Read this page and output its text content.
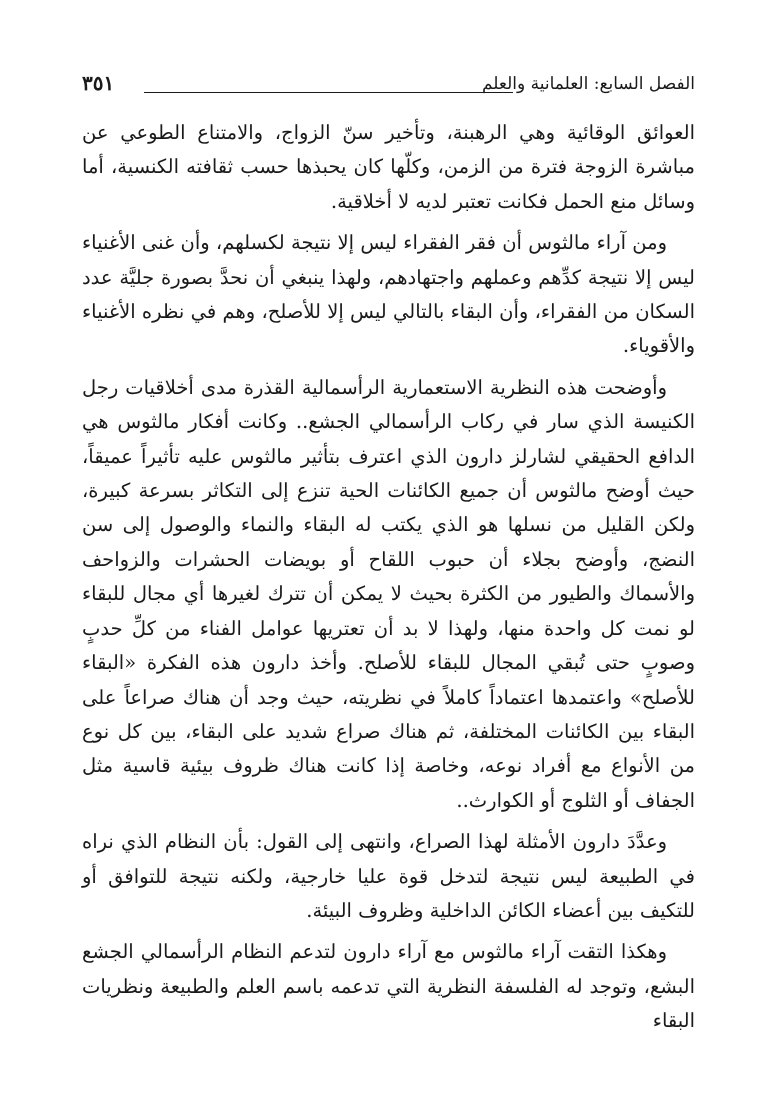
الفصل السابع: العلمانية والعلم
٣٥١

العوائق الوقائية وهي الرهبنة، وتأخير سنّ الزواج، والامتناع الطوعي عن مباشرة الزوجة فترة من الزمن، وكلّها كان يحبذها حسب ثقافته الكنسية، أما وسائل منع الحمل فكانت تعتبر لديه لا أخلاقية.

ومن آراء مالثوس أن فقر الفقراء ليس إلا نتيجة لكسلهم، وأن غنى الأغنياء ليس إلا نتيجة كدِّهم وعملهم واجتهادهم، ولهذا ينبغي أن نحدَّ بصورة جليَّة عدد السكان من الفقراء، وأن البقاء بالتالي ليس إلا للأصلح، وهم في نظره الأغنياء والأقوياء.

وأوضحت هذه النظرية الاستعمارية الرأسمالية القذرة مدى أخلاقيات رجل الكنيسة الذي سار في ركاب الرأسمالي الجشع.. وكانت أفكار مالثوس هي الدافع الحقيقي لشارلز دارون الذي اعترف بتأثير مالثوس عليه تأثيراً عميقاً، حيث أوضح مالثوس أن جميع الكائنات الحية تنزع إلى التكاثر بسرعة كبيرة، ولكن القليل من نسلها هو الذي يكتب له البقاء والنماء والوصول إلى سن النضج، وأوضح بجلاء أن حبوب اللقاح أو بويضات الحشرات والزواحف والأسماك والطيور من الكثرة بحيث لا يمكن أن تترك لغيرها أي مجال للبقاء لو نمت كل واحدة منها، ولهذا لا بد أن تعتريها عوامل الفناء من كلِّ حدبٍ وصوبٍ حتى تُبقي المجال للبقاء للأصلح. وأخذ دارون هذه الفكرة «البقاء للأصلح» واعتمدها اعتماداً كاملاً في نظريته، حيث وجد أن هناك صراعاً على البقاء بين الكائنات المختلفة، ثم هناك صراع شديد على البقاء، بين كل نوع من الأنواع مع أفراد نوعه، وخاصة إذا كانت هناك ظروف بيئية قاسية مثل الجفاف أو الثلوج أو الكوارث..

وعدَّدَ دارون الأمثلة لهذا الصراع، وانتهى إلى القول: بأن النظام الذي نراه في الطبيعة ليس نتيجة لتدخل قوة عليا خارجية، ولكنه نتيجة للتوافق أو للتكيف بين أعضاء الكائن الداخلية وظروف البيئة.

وهكذا التقت آراء مالثوس مع آراء دارون لتدعم النظام الرأسمالي الجشع البشع، وتوجد له الفلسفة النظرية التي تدعمه باسم العلم والطبيعة ونظريات البقاء
